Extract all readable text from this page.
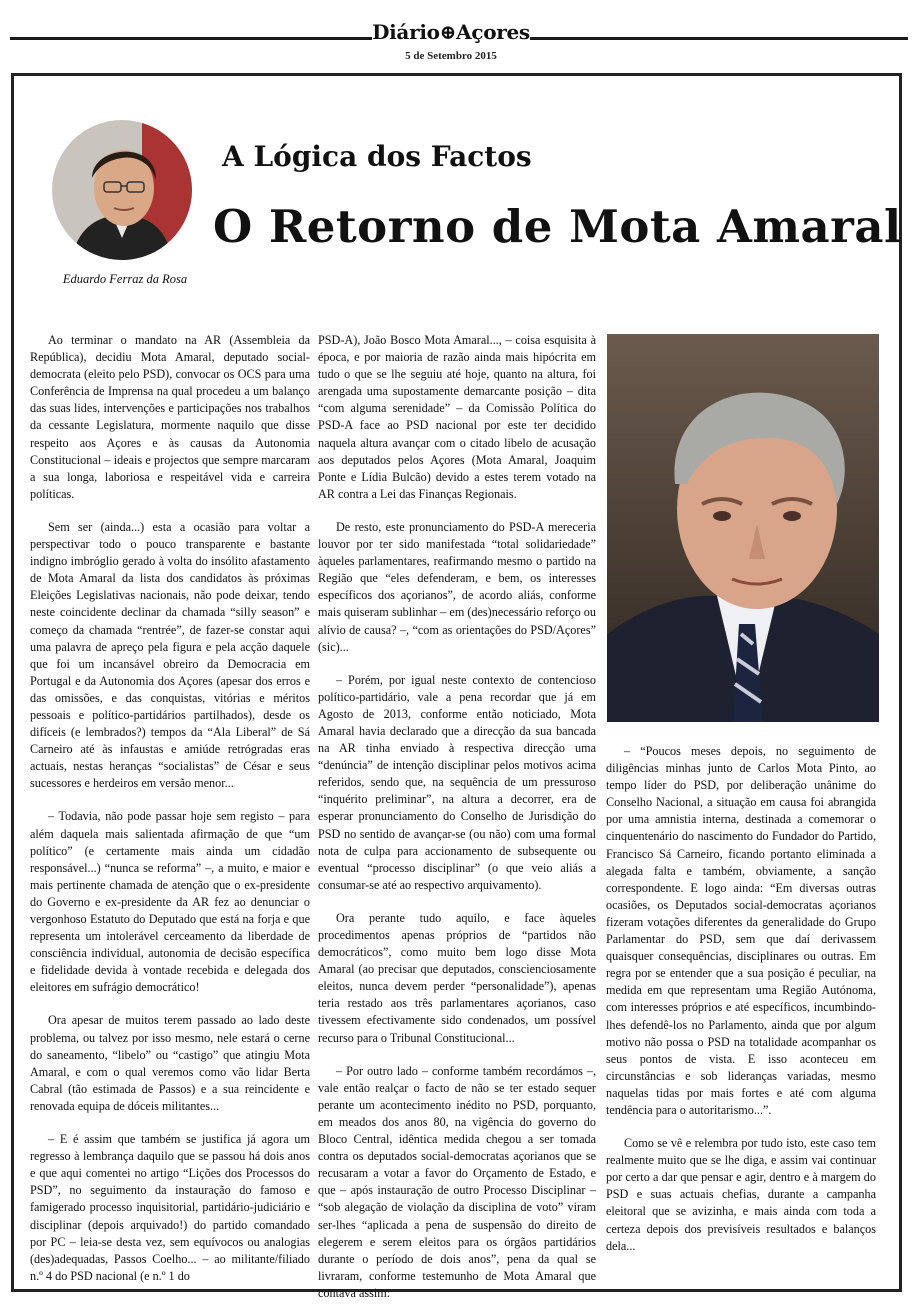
Diário⊕Açores
5 de Setembro 2015
Eduardo Ferraz da Rosa
A Lógica dos Factos
O Retorno de Mota Amaral

Ao terminar o mandato na AR (Assembleia da República), decidiu Mota Amaral, deputado social-democrata (eleito pelo PSD), convocar os OCS para uma Conferência de Imprensa na qual procedeu a um balanço das suas lides, intervenções e participações nos trabalhos da cessante Legislatura, mormente naquilo que disse respeito aos Açores e às causas da Autonomia Constitucional – ideais e projectos que sempre marcaram a sua longa, laboriosa e respeitável vida e carreira políticas.

Sem ser (ainda...) esta a ocasião para voltar a perspectivar todo o pouco transparente e bastante indigno imbróglio gerado à volta do insólito afastamento de Mota Amaral da lista dos candidatos às próximas Eleições Legislativas nacionais, não pode deixar, tendo neste coincidente declinar da chamada “silly season” e começo da chamada “rentrée”, de fazer-se constar aqui uma palavra de apreço pela figura e pela acção daquele que foi um incansável obreiro da Democracia em Portugal e da Autonomia dos Açores (apesar dos erros e das omissões, e das conquistas, vitórias e méritos pessoais e político-partidários partilhados), desde os difíceis (e lembrados?) tempos da “Ala Liberal” de Sá Carneiro até às infaustas e amiúde retrógradas eras actuais, nestas heranças “socialistas” de César e seus sucessores e herdeiros em versão menor...

– Todavia, não pode passar hoje sem registo – para além daquela mais salientada afirmação de que “um político” (e certamente mais ainda um cidadão responsável...) “nunca se reforma” –, a muito, e maior e mais pertinente chamada de atenção que o ex-presidente do Governo e ex-presidente da AR fez ao denunciar o vergonhoso Estatuto do Deputado que está na forja e que representa um intolerável cerceamento da liberdade de consciência individual, autonomia de decisão específica e fidelidade devida à vontade recebida e delegada dos eleitores em sufrágio democrático!

Ora apesar de muitos terem passado ao lado deste problema, ou talvez por isso mesmo, nele estará o cerne do saneamento, “libelo” ou “castigo” que atingiu Mota Amaral, e com o qual veremos como vão lidar Berta Cabral (tão estimada de Passos) e a sua reincidente e renovada equipa de dóceis militantes...

– E é assim que também se justifica já agora um regresso à lembrança daquilo que se passou há dois anos e que aqui comentei no artigo “Lições dos Processos do PSD”, no seguimento da instauração do famoso e famigerado processo inquisitorial, partidário-judiciário e disciplinar (depois arquivado!) do partido comandado por PC – leia-se desta vez, sem equívocos ou analogias (des)adequadas, Passos Coelho... – ao militante/filiado n.º 4 do PSD nacional (e n.º 1 do

PSD-A), João Bosco Mota Amaral..., – coisa esquisita à época, e por maioria de razão ainda mais hipócrita em tudo o que se lhe seguiu até hoje, quanto na altura, foi arengada uma supostamente demarcante posição – dita “com alguma serenidade” – da Comissão Política do PSD-A face ao PSD nacional por este ter decidido naquela altura avançar com o citado libelo de acusação aos deputados pelos Açores (Mota Amaral, Joaquim Ponte e Lídia Bulcão) devido a estes terem votado na AR contra a Lei das Finanças Regionais.

De resto, este pronunciamento do PSD-A mereceria louvor por ter sido manifestada “total solidariedade” àqueles parlamentares, reafirmando mesmo o partido na Região que “eles defenderam, e bem, os interesses específicos dos açorianos”, de acordo aliás, conforme mais quiseram sublinhar – em (des)necessário reforço ou alívio de causa? –, “com as orientações do PSD/Açores” (sic)...

– Porém, por igual neste contexto de contencioso político-partidário, vale a pena recordar que já em Agosto de 2013, conforme então noticiado, Mota Amaral havia declarado que a direcção da sua bancada na AR tinha enviado à respectiva direcção uma “denúncia” de intenção disciplinar pelos motivos acima referidos, sendo que, na sequência de um pressuroso “inquérito preliminar”, na altura a decorrer, era de esperar pronunciamento do Conselho de Jurisdição do PSD no sentido de avançar-se (ou não) com uma formal nota de culpa para accionamento de subsequente ou eventual “processo disciplinar” (o que veio aliás a consumar-se até ao respectivo arquivamento).

Ora perante tudo aquilo, e face àqueles procedimentos apenas próprios de “partidos não democráticos”, como muito bem logo disse Mota Amaral (ao precisar que deputados, conscienciosamente eleitos, nunca devem perder “personalidade”), apenas teria restado aos três parlamentares açorianos, caso tivessem efectivamente sido condenados, um possível recurso para o Tribunal Constitucional...

– Por outro lado – conforme também recordámos –, vale então realçar o facto de não se ter estado sequer perante um acontecimento inédito no PSD, porquanto, em meados dos anos 80, na vigência do governo do Bloco Central, idêntica medida chegou a ser tomada contra os deputados social-democratas açorianos que se recusaram a votar a favor do Orçamento de Estado, e que – após instauração de outro Processo Disciplinar – “sob alegação de violação da disciplina de voto” viram ser-lhes “aplicada a pena de suspensão do direito de elegerem e serem eleitos para os órgãos partidários durante o período de dois anos”, pena da qual se livraram, conforme testemunho de Mota Amaral que contava assim:

– “Poucos meses depois, no seguimento de diligências minhas junto de Carlos Mota Pinto, ao tempo líder do PSD, por deliberação unânime do Conselho Nacional, a situação em causa foi abrangida por uma amnistia interna, destinada a comemorar o cinquentenário do nascimento do Fundador do Partido, Francisco Sá Carneiro, ficando portanto eliminada a alegada falta e também, obviamente, a sanção correspondente. E logo ainda: “Em diversas outras ocasiões, os Deputados social-democratas açorianos fizeram votações diferentes da generalidade do Grupo Parlamentar do PSD, sem que daí derivassem quaisquer consequências, disciplinares ou outras. Em regra por se entender que a sua posição é peculiar, na medida em que representam uma Região Autónoma, com interesses próprios e até específicos, incumbindo-lhes defendê-los no Parlamento, ainda que por algum motivo não possa o PSD na totalidade acompanhar os seus pontos de vista. E isso aconteceu em circunstâncias e sob lideranças variadas, mesmo naquelas tidas por mais fortes e até com alguma tendência para o autoritarismo...”.

Como se vê e relembra por tudo isto, este caso tem realmente muito que se lhe diga, e assim vai continuar por certo a dar que pensar e agir, dentro e à margem do PSD e suas actuais chefias, durante a campanha eleitoral que se avizinha, e mais ainda com toda a certeza depois dos previsíveis resultados e balanços dela...
